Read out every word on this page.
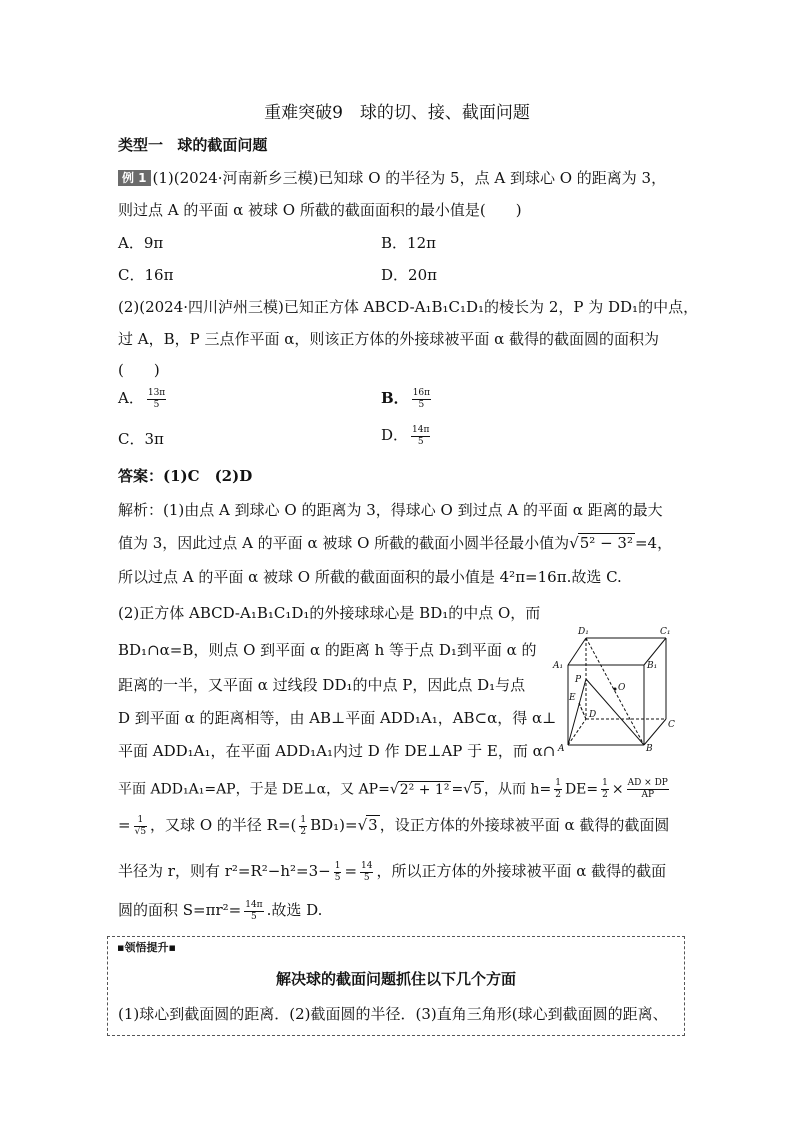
重难突破9　球的切、接、截面问题
类型一 球的截面问题
例 1 (1)(2024·河南新乡三模)已知球 O 的半径为 5，点 A 到球心 O 的距离为 3，
则过点 A 的平面 α 被球 O 所截的截面面积的最小值是(　　)
A．9π	B．12π
C．16π	D．20π
(2)(2024·四川泸州三模)已知正方体 ABCD-A₁B₁C₁D₁的棱长为 2，P 为 DD₁的中点，
过 A，B，P 三点作平面 α，则该正方体的外接球被平面 α 截得的截面圆的面积为
(　　)
A． $\frac{13\pi}{5}$	B． $\frac{16\pi}{5}$
C．3π	D． $\frac{14\pi}{5}$
答案：(1)C　(2)D
解析：(1)由点 A 到球心 O 的距离为 3，得球心 O 到过点 A 的平面 α 距离的最大
值为 3，因此过点 A 的平面 α 被球 O 所截的截面小圆半径最小值为√5² − 3² =4，
所以过点 A 的平面 α 被球 O 所截的截面面积的最小值是 4²π=16π.故选 C.
(2)正方体 ABCD-A₁B₁C₁D₁的外接球球心是 BD₁的中点 O，而
BD₁∩α=B，则点 O 到平面 α 的距离 h 等于点 D₁到平面 α 的
距离的一半，又平面 α 过线段 DD₁的中点 P，因此点 D₁与点
D 到平面 α 的距离相等，由 AB⊥平面 ADD₁A₁，AB⊂α，得 α⊥
平面 ADD₁A₁，在平面 ADD₁A₁内过 D 作 DE⊥AP 于 E，而 α∩
平面 ADD₁A₁=AP，于是 DE⊥α，又 AP=√2² + 1² =√5 ，从而 $h= \frac{1}{2} DE= \frac{1}{2} \times \frac{AD \times DP}{AP}$
= $\frac{1}{√5}$ ，又球 O 的半径 $R=( \frac{1}{2} BD_1)=√3$ ，设正方体的外接球被平面 α 截得的截面圆
半径为 r，则有 $r^2=R^2-h^2=3- \frac{1}{5} = \frac{14}{5}$ ，所以正方体的外接球被平面 α 截得的截面
圆的面积 $S=\pi r^2= \frac{14\pi}{5}$ .故选 D.
D₁	C₁
A₁	B₁
P
O
E
D
C
A	B
▪领悟提升▪
解决球的截面问题抓住以下几个方面
(1)球心到截面圆的距离．(2)截面圆的半径．(3)直角三角形(球心到截面圆的距离、
